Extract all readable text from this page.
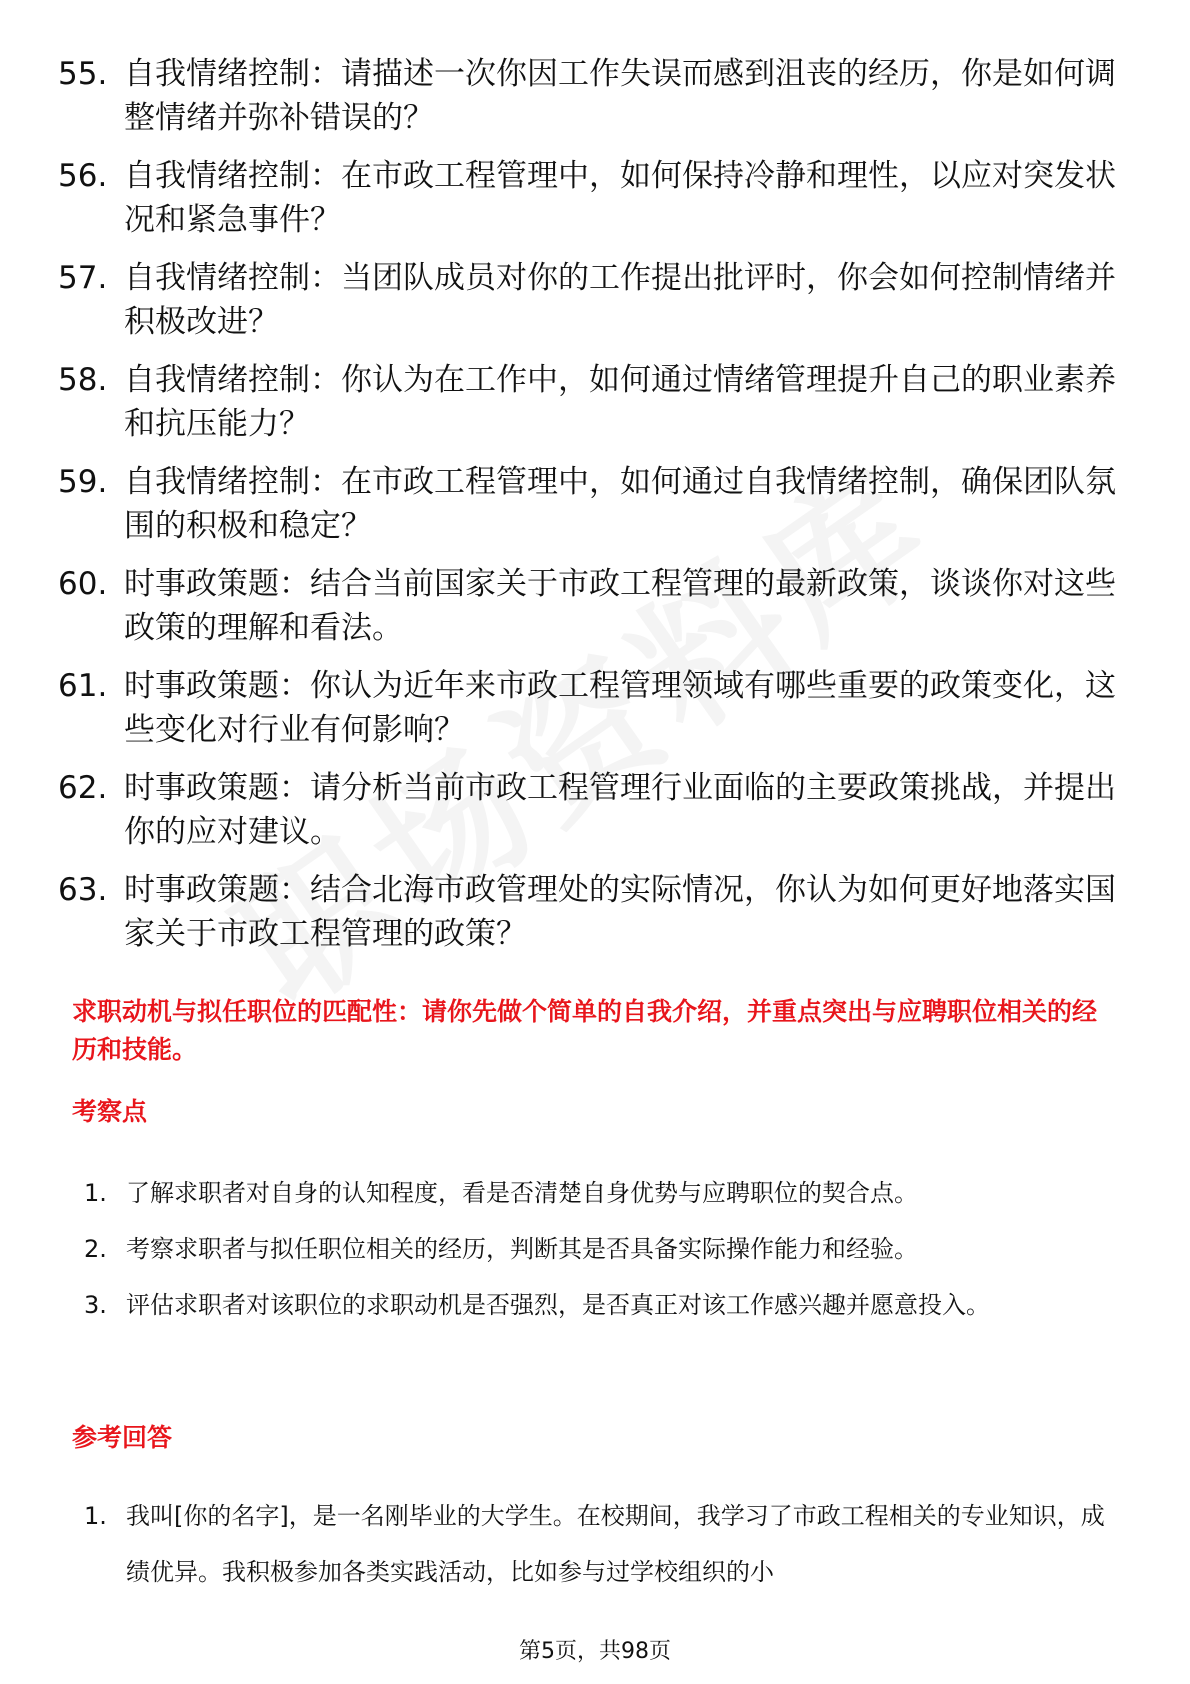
55. 自我情绪控制：请描述一次你因工作失误而感到沮丧的经历，你是如何调整情绪并弥补错误的？
56. 自我情绪控制：在市政工程管理中，如何保持冷静和理性，以应对突发状况和紧急事件？
57. 自我情绪控制：当团队成员对你的工作提出批评时，你会如何控制情绪并积极改进？
58. 自我情绪控制：你认为在工作中，如何通过情绪管理提升自己的职业素养和抗压能力？
59. 自我情绪控制：在市政工程管理中，如何通过自我情绪控制，确保团队氛围的积极和稳定？
60. 时事政策题：结合当前国家关于市政工程管理的最新政策，谈谈你对这些政策的理解和看法。
61. 时事政策题：你认为近年来市政工程管理领域有哪些重要的政策变化，这些变化对行业有何影响？
62. 时事政策题：请分析当前市政工程管理行业面临的主要政策挑战，并提出你的应对建议。
63. 时事政策题：结合北海市政管理处的实际情况，你认为如何更好地落实国家关于市政工程管理的政策？

求职动机与拟任职位的匹配性：请你先做个简单的自我介绍，并重点突出与应聘职位相关的经历和技能。

考察点

1. 了解求职者对自身的认知程度，看是否清楚自身优势与应聘职位的契合点。
2. 考察求职者与拟任职位相关的经历，判断其是否具备实际操作能力和经验。
3. 评估求职者对该职位的求职动机是否强烈，是否真正对该工作感兴趣并愿意投入。

参考回答

1. 我叫[你的名字]，是一名刚毕业的大学生。在校期间，我学习了市政工程相关的专业知识，成绩优异。我积极参加各类实践活动，比如参与过学校组织的小
第5页，共98页
